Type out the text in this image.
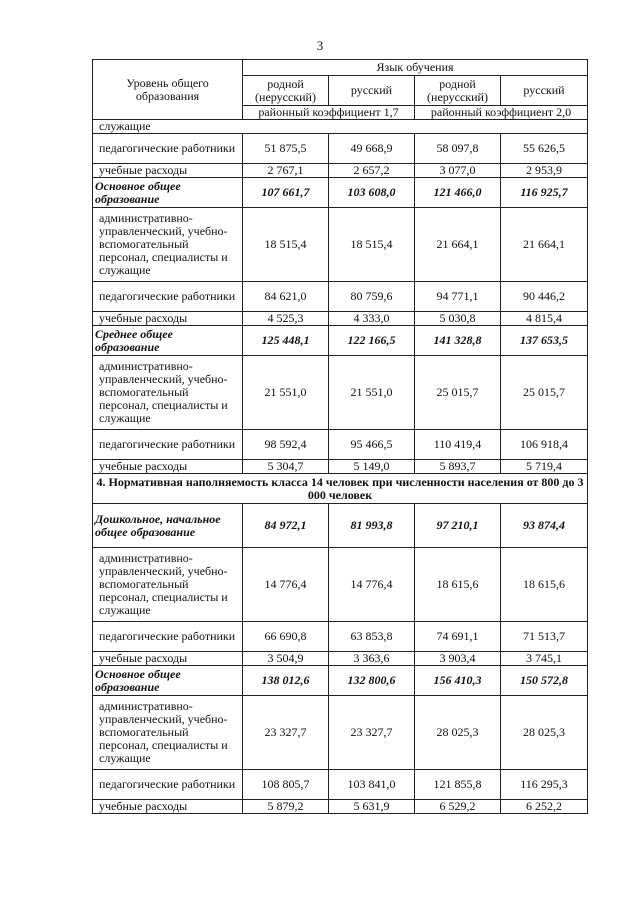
3
Уровень общего образования	Язык обучения			
	родной (нерусский)	русский	родной (нерусский)	русский
	районный коэффициент 1,7		районный коэффициент 2,0	
служащие				
педагогические работники	51 875,5	49 668,9	58 097,8	55 626,5
учебные расходы	2 767,1	2 657,2	3 077,0	2 953,9
Основное общее образование	107 661,7	103 608,0	121 466,0	116 925,7
административно-управленческий, учебно-вспомогательный персонал, специалисты и служащие	18 515,4	18 515,4	21 664,1	21 664,1
педагогические работники	84 621,0	80 759,6	94 771,1	90 446,2
учебные расходы	4 525,3	4 333,0	5 030,8	4 815,4
Среднее общее образование	125 448,1	122 166,5	141 328,8	137 653,5
административно-управленческий, учебно-вспомогательный персонал, специалисты и служащие	21 551,0	21 551,0	25 015,7	25 015,7
педагогические работники	98 592,4	95 466,5	110 419,4	106 918,4
учебные расходы	5 304,7	5 149,0	5 893,7	5 719,4
4. Нормативная наполняемость класса 14 человек при численности населения от 800 до 3 000 человек				
Дошкольное, начальное общее образование	84 972,1	81 993,8	97 210,1	93 874,4
административно-управленческий, учебно-вспомогательный персонал, специалисты и служащие	14 776,4	14 776,4	18 615,6	18 615,6
педагогические работники	66 690,8	63 853,8	74 691,1	71 513,7
учебные расходы	3 504,9	3 363,6	3 903,4	3 745,1
Основное общее образование	138 012,6	132 800,6	156 410,3	150 572,8
административно-управленческий, учебно-вспомогательный персонал, специалисты и служащие	23 327,7	23 327,7	28 025,3	28 025,3
педагогические работники	108 805,7	103 841,0	121 855,8	116 295,3
учебные расходы	5 879,2	5 631,9	6 529,2	6 252,2
